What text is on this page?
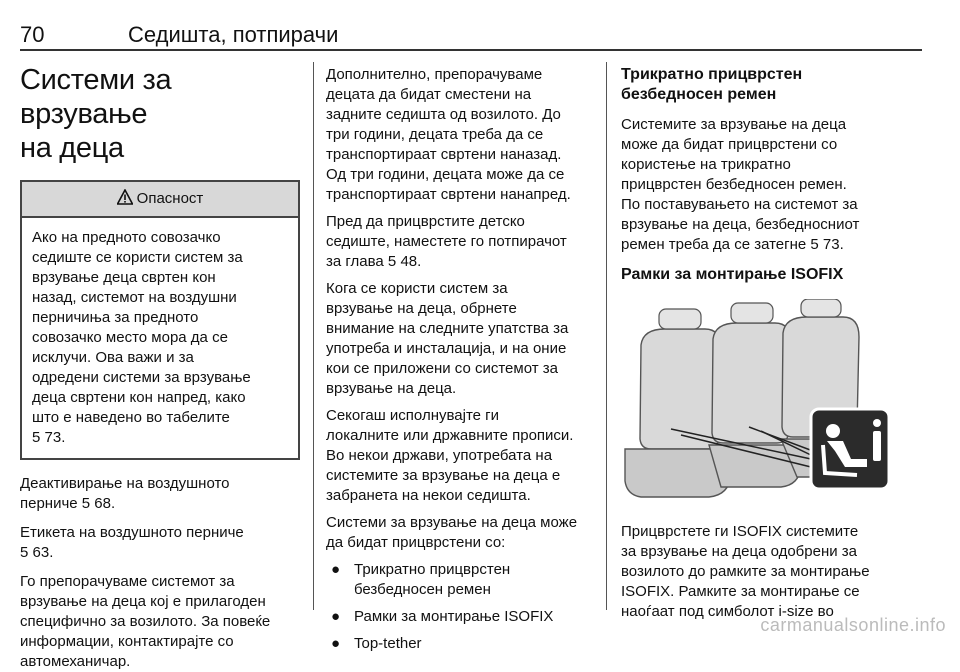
70	Седишта, потпирачи
Системи за врзување
на деца
Опасност
Ако на предното совозачко
седиште се користи систем за
врзување деца свртен кон
назад, системот на воздушни
перничиња за предното
совозачко место мора да се
исклучи. Ова важи и за
одредени системи за врзување
деца свртени кон напред, како
што е наведено во табелите
5 73.

Деактивирање на воздушното
перниче 5 68.

Етикета на воздушното перниче
5 63.

Го препорачуваме системот за
врзување на деца кој е прилагоден
специфично за возилото. За повеќе
информации, контактирајте со
автомеханичар.

Дополнително, препорачуваме
децата да бидат сместени на
задните седишта од возилото. До
три години, децата треба да се
транспортираат свртени наназад.
Од три години, децата може да се
транспортираат свртени нанапред.

Пред да прицврстите детско
седиште, наместете го потпирачот
за глава 5 48.

Кога се користи систем за
врзување на деца, обрнете
внимание на следните упатства за
употреба и инсталација, и на оние
кои се приложени со системот за
врзување на деца.

Секогаш исполнувајте ги
локалните или државните прописи.
Во некои држави, употребата на
системите за врзување на деца е
забранета на некои седишта.

Системи за врзување на деца може
да бидат прицврстени со:

● Трикратно прицврстен
безбедносен ремен
● Рамки за монтирање ISOFIX
● Top-tether
Трикратно прицврстен
безбедносен ремен

Системите за врзување на деца
може да бидат прицврстени со
користење на трикратно
прицврстен безбедносен ремен.
По поставувањето на системот за
врзување на деца, безбедносниот
ремен треба да се затегне 5 73.

Рамки за монтирање ISOFIX

Прицврстете ги ISOFIX системите
за врзување на деца одобрени за
возилото до рамките за монтирање
ISOFIX. Рамките за монтирање се
наоѓаат под симболот i-size во

carmanualsonline.info
